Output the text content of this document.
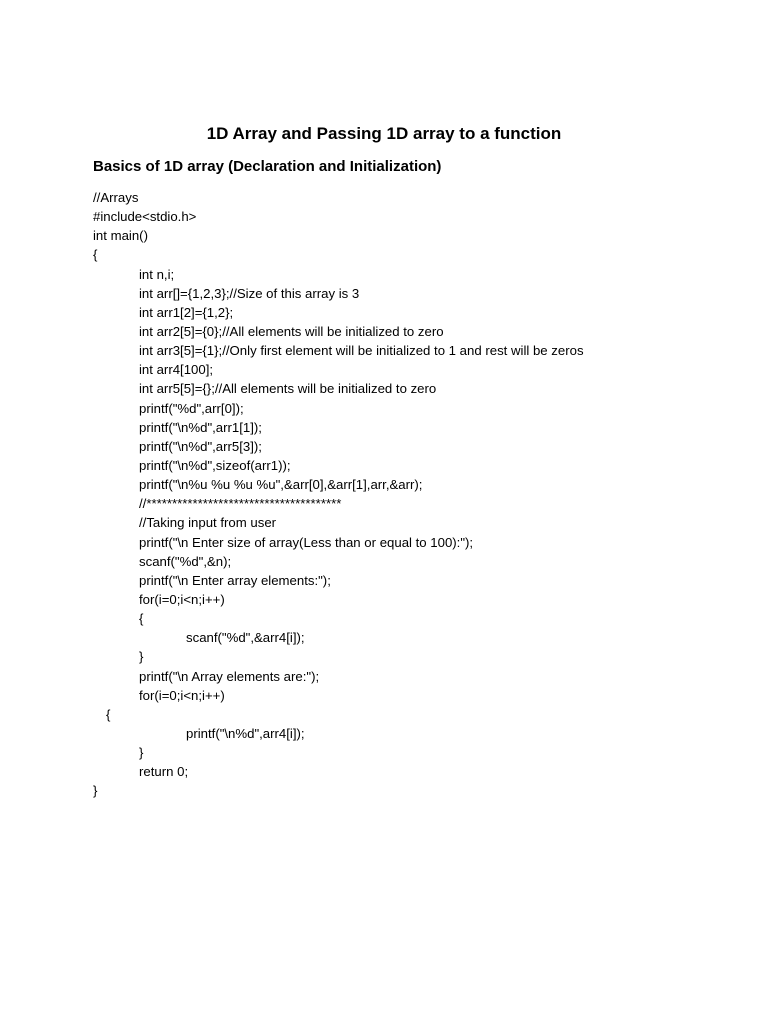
1D Array and Passing 1D array to a function
Basics of 1D array (Declaration and Initialization)
//Arrays
#include<stdio.h>
int main()
{
int n,i;
int arr[]={1,2,3};//Size of this array is 3
int arr1[2]={1,2};
int arr2[5]={0};//All elements will be initialized to zero
int arr3[5]={1};//Only first element will be initialized to 1 and rest will be zeros
int arr4[100];
int arr5[5]={};//All elements will be initialized to zero
printf("%d",arr[0]);
printf("\n%d",arr1[1]);
printf("\n%d",arr5[3]);
printf("\n%d",sizeof(arr1));
printf("\n%u %u %u %u",&arr[0],&arr[1],arr,&arr);
//**************************************
//Taking input from user
printf("\n Enter size of array(Less than or equal to 100):");
scanf("%d",&n);
printf("\n Enter array elements:");
for(i=0;i<n;i++)
{
scanf("%d",&arr4[i]);
}
printf("\n Array elements are:");
for(i=0;i<n;i++)
{
printf("\n%d",arr4[i]);
}
return 0;
}
